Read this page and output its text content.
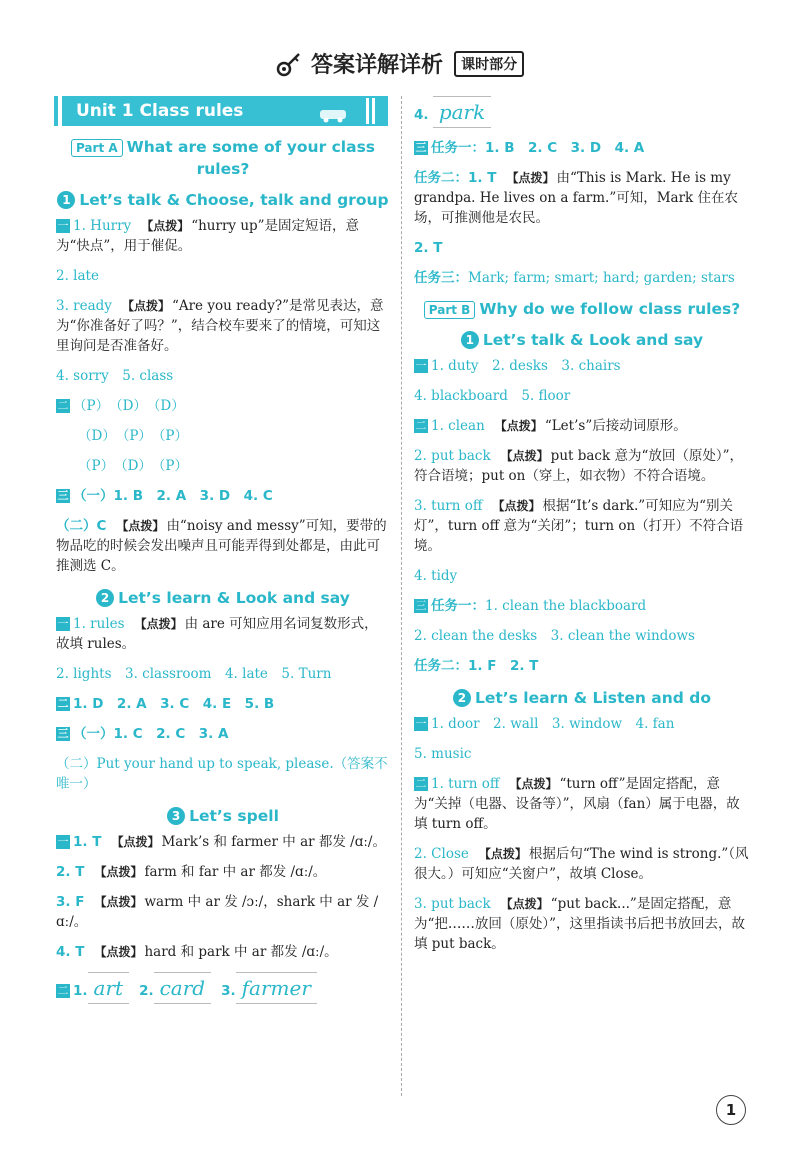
答案详解详析 课时部分
Unit 1 Class rules
Part A What are some of your class rules?
1 Let’s talk & Choose, talk and group
一 1. Hurry 【点拨】 “hurry up”是固定短语，意为“快点”，用于催促。
2. late
3. ready 【点拨】 “Are you ready?”是常见表达，意为“你准备好了吗？”，结合校车要来了的情境，可知这里询问是否准备好。
4. sorry　5. class
二 （P）　（D）　（D）
（D）　（P）　（P）
（P）　（D）　（P）
三 （一）1. B　2. A　3. D　4. C
（二）C 【点拨】 由“noisy and messy”可知，要带的物品吃的时候会发出噪声且可能弄得到处都是，由此可推测选 C。
2 Let’s learn & Look and say
一 1. rules 【点拨】 由 are 可知应用名词复数形式，故填 rules。
2. lights　3. classroom　4. late　5. Turn
二 1. D　2. A　3. C　4. E　5. B
三 （一）1. C　2. C　3. A
（二）Put your hand up to speak, please.（答案不唯一）
3 Let’s spell
一 1. T 【点拨】 Mark’s 和 farmer 中 ar 都发 /ɑː/。
2. T 【点拨】 farm 和 far 中 ar 都发 /ɑː/。
3. F 【点拨】 warm 中 ar 发 /ɔː/，shark 中 ar 发 /ɑː/。
4. T 【点拨】 hard 和 park 中 ar 都发 /ɑː/。
二 1. art 2. card 3. farmer
4. park
三 任务一：1. B　2. C　3. D　4. A
任务二：1. T 【点拨】 由“This is Mark. He is my grandpa. He lives on a farm.”可知，Mark 住在农场，可推测他是农民。
2. T
任务三：Mark; farm; smart; hard; garden; stars
Part B Why do we follow class rules?
1 Let’s talk & Look and say
一 1. duty　2. desks　3. chairs
4. blackboard　5. floor
二 1. clean 【点拨】 “Let’s”后接动词原形。
2. put back 【点拨】 put back 意为“放回（原处）”，符合语境；put on（穿上，如衣物）不符合语境。
3. turn off 【点拨】 根据“It’s dark.”可知应为“别关灯”，turn off 意为“关闭”；turn on（打开）不符合语境。
4. tidy
三 任务一：1. clean the blackboard
2. clean the desks　3. clean the windows
任务二：1. F　2. T
2 Let’s learn & Listen and do
一 1. door　2. wall　3. window　4. fan
5. music
二 1. turn off 【点拨】 “turn off”是固定搭配，意为“关掉（电器、设备等）”，风扇（fan）属于电器，故填 turn off。
2. Close 【点拨】 根据后句“The wind is strong.”（风很大。）可知应“关窗户”，故填 Close。
3. put back 【点拨】 “put back...”是固定搭配，意为“把……放回（原处）”，这里指读书后把书放回去，故填 put back。
1
